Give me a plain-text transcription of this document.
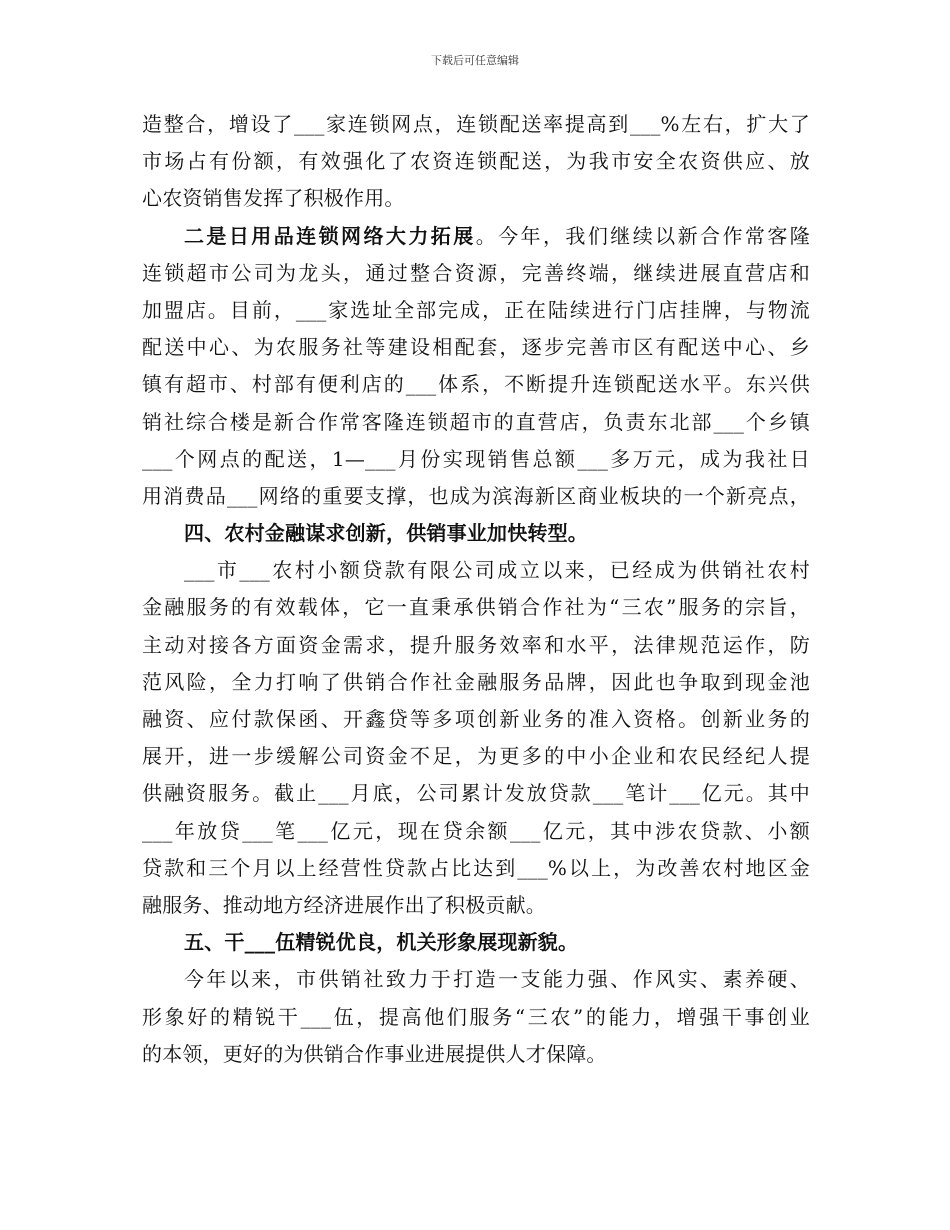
下载后可任意编辑
造整合，增设了___家连锁网点，连锁配送率提高到___%左右，扩大了
市场占有份额，有效强化了农资连锁配送，为我市安全农资供应、放
心农资销售发挥了积极作用。
二是日用品连锁网络大力拓展。今年，我们继续以新合作常客隆
连锁超市公司为龙头，通过整合资源，完善终端，继续进展直营店和
加盟店。目前，___家选址全部完成，正在陆续进行门店挂牌，与物流
配送中心、为农服务社等建设相配套，逐步完善市区有配送中心、乡
镇有超市、村部有便利店的___体系，不断提升连锁配送水平。东兴供
销社综合楼是新合作常客隆连锁超市的直营店，负责东北部___个乡镇
___个网点的配送，1—___月份实现销售总额___多万元，成为我社日
用消费品___网络的重要支撑，也成为滨海新区商业板块的一个新亮点，
四、农村金融谋求创新，供销事业加快转型。
___市___农村小额贷款有限公司成立以来，已经成为供销社农村
金融服务的有效载体，它一直秉承供销合作社为“三农”服务的宗旨，
主动对接各方面资金需求，提升服务效率和水平，法律规范运作，防
范风险，全力打响了供销合作社金融服务品牌，因此也争取到现金池
融资、应付款保函、开鑫贷等多项创新业务的准入资格。创新业务的
展开，进一步缓解公司资金不足，为更多的中小企业和农民经纪人提
供融资服务。截止___月底，公司累计发放贷款___笔计___亿元。其中
___年放贷___笔___亿元，现在贷余额___亿元，其中涉农贷款、小额
贷款和三个月以上经营性贷款占比达到___%以上，为改善农村地区金
融服务、推动地方经济进展作出了积极贡献。
五、干___伍精锐优良，机关形象展现新貌。
今年以来，市供销社致力于打造一支能力强、作风实、素养硬、
形象好的精锐干___伍，提高他们服务“三农”的能力，增强干事创业
的本领，更好的为供销合作事业进展提供人才保障。
